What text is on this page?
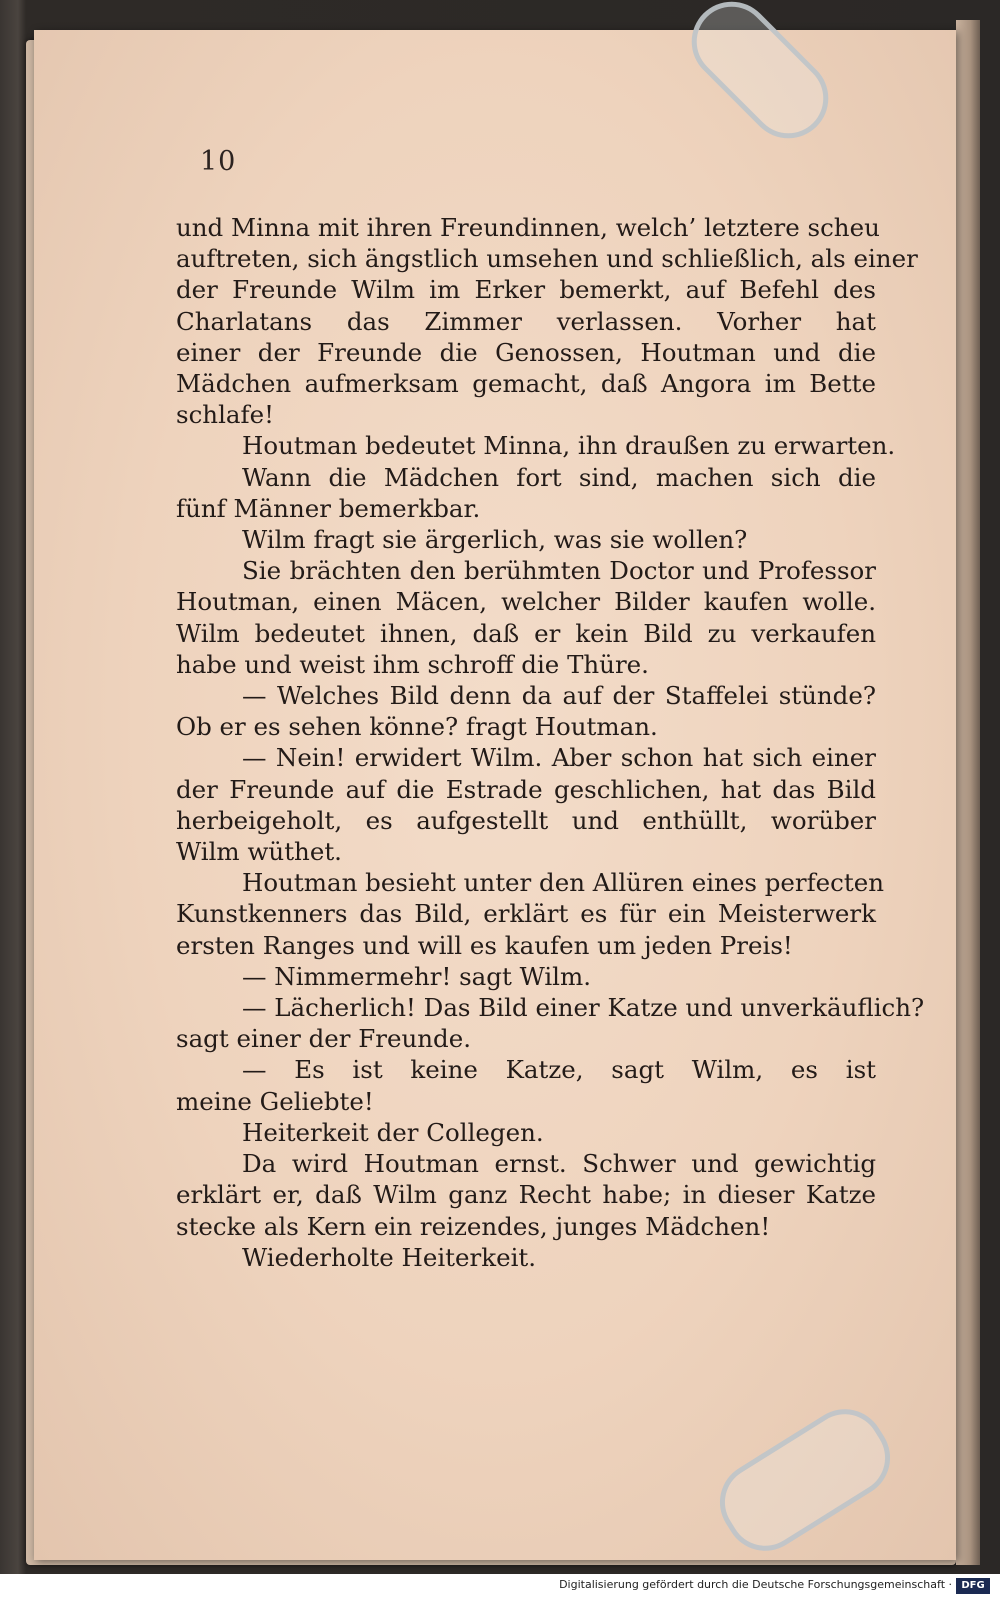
10
und Minna mit ihren Freundinnen, welch’ letztere scheu
auftreten, sich ängstlich umsehen und schließlich, als einer
der Freunde Wilm im Erker bemerkt, auf Befehl des
Charlatans das Zimmer verlassen. Vorher hat
einer der Freunde die Genossen, Houtman und die
Mädchen aufmerksam gemacht, daß Angora im Bette
schlafe!
Houtman bedeutet Minna, ihn draußen zu erwarten.
Wann die Mädchen fort sind, machen sich die
fünf Männer bemerkbar.
Wilm fragt sie ärgerlich, was sie wollen?
Sie brächten den berühmten Doctor und Professor
Houtman, einen Mäcen, welcher Bilder kaufen wolle.
Wilm bedeutet ihnen, daß er kein Bild zu verkaufen
habe und weist ihm schroff die Thüre.
— Welches Bild denn da auf der Staffelei stünde?
Ob er es sehen könne? fragt Houtman.
— Nein! erwidert Wilm. Aber schon hat sich einer
der Freunde auf die Estrade geschlichen, hat das Bild
herbeigeholt, es aufgestellt und enthüllt, worüber
Wilm wüthet.
Houtman besieht unter den Allüren eines perfecten
Kunstkenners das Bild, erklärt es für ein Meisterwerk
ersten Ranges und will es kaufen um jeden Preis!
— Nimmermehr! sagt Wilm.
— Lächerlich! Das Bild einer Katze und unverkäuflich?
sagt einer der Freunde.
— Es ist keine Katze, sagt Wilm, es ist
meine Geliebte!
Heiterkeit der Collegen.
Da wird Houtman ernst. Schwer und gewichtig
erklärt er, daß Wilm ganz Recht habe; in dieser Katze
stecke als Kern ein reizendes, junges Mädchen!
Wiederholte Heiterkeit.
Digitalisierung gefördert durch die Deutsche Forschungsgemeinschaft · DFG
